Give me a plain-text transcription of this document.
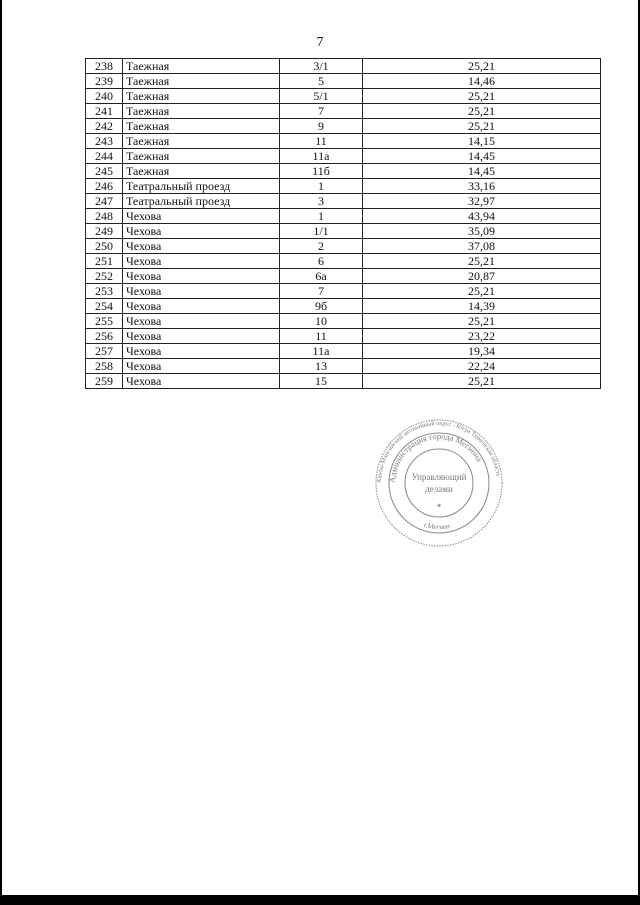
7
238	Таежная	3/1	25,21
239	Таежная	5	14,46
240	Таежная	5/1	25,21
241	Таежная	7	25,21
242	Таежная	9	25,21
243	Таежная	11	14,15
244	Таежная	11а	14,45
245	Таежная	11б	14,45
246	Театральный проезд	1	33,16
247	Театральный проезд	3	32,97
248	Чехова	1	43,94
249	Чехова	1/1	35,09
250	Чехова	2	37,08
251	Чехова	6	25,21
252	Чехова	6а	20,87
253	Чехова	7	25,21
254	Чехова	9б	14,39
255	Чехова	10	25,21
256	Чехова	11	23,22
257	Чехова	11а	19,34
258	Чехова	13	22,24
259	Чехова	15	25,21
Ханты-Мансийский автономный округ - Югра Тюменская область
Администрация города Мегиона
г.Мегион
Управляющий
делами
✶
